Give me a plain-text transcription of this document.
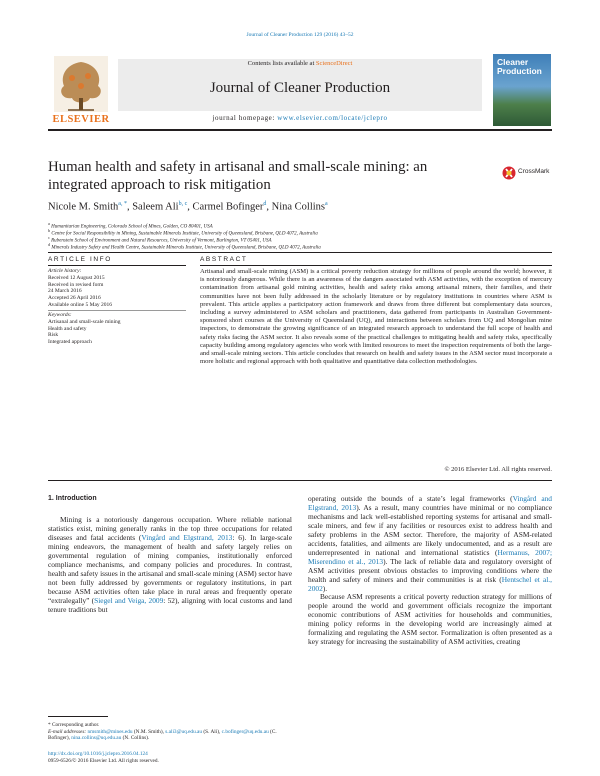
Journal of Cleaner Production 129 (2016) 43–52
Contents lists available at ScienceDirect
Journal of Cleaner Production
journal homepage: www.elsevier.com/locate/jclepro
ELSEVIER
Cleaner Production
Human health and safety in artisanal and small-scale mining: an integrated approach to risk mitigation
CrossMark
Nicole M. Smith$^{a, *}$, Saleem Ali$^{b, c}$, Carmel Bofinger$^d$, Nina Collins$^a$
$^a$ Humanitarian Engineering, Colorado School of Mines, Golden, CO 80401, USA
$^b$ Centre for Social Responsibility in Mining, Sustainable Minerals Institute, University of Queensland, Brisbane, QLD 4072, Australia
$^c$ Rubenstein School of Environment and Natural Resources, University of Vermont, Burlington, VT 05401, USA
$^d$ Minerals Industry Safety and Health Centre, Sustainable Minerals Institute, University of Queensland, Brisbane, QLD 4072, Australia
ARTICLE INFO
Article history:
Received 12 August 2015
Received in revised form
24 March 2016
Accepted 26 April 2016
Available online 5 May 2016
Keywords:
Artisanal and small-scale mining
Health and safety
Risk
Integrated approach
ABSTRACT
Artisanal and small-scale mining (ASM) is a critical poverty reduction strategy for millions of people around the world; however, it is notoriously dangerous. While there is an awareness of the dangers associated with ASM activities, with the exception of mercury contamination from artisanal gold mining activities, health and safety risks among artisanal miners, their families, and their communities have not been fully addressed in the scholarly literature or by regulatory institutions in countries where ASM is prevalent. This article applies a participatory action framework and draws from three different but complementary data sources, including a survey administered to ASM scholars and practitioners, data gathered from participants in Australian Government-sponsored short courses at the University of Queensland (UQ), and interactions between scholars from UQ and Mongolian mine inspectors, to demonstrate the growing significance of an integrated research approach to understand the full scope of health and safety risks facing the ASM sector. It also reveals some of the practical challenges to mitigating health and safety risks, specifically capacity building among regulatory agencies who work with limited resources to meet the inspection requirements of both the large- and small-scale mining sectors. This article concludes that research on health and safety issues in the ASM sector must incorporate a more holistic and regional approach with both qualitative and quantitative data collection methodologies.
© 2016 Elsevier Ltd. All rights reserved.
1. Introduction

Mining is a notoriously dangerous occupation. Where reliable national statistics exist, mining generally ranks in the top three occupations for related diseases and fatal accidents (Vingård and Elgstrand, 2013: 6). In large-scale mining endeavors, the management of health and safety largely relies on governmental regulation of mining companies, institutionally enforced compliance mechanisms, and company policies and procedures. In contrast, health and safety issues in the artisanal and small-scale mining (ASM) sector have not been fully addressed by governments or regulatory institutions, in part because ASM activities often take place in rural areas and frequently operate “extralegally” (Siegel and Veiga, 2009: 52), aligning with local customs and land tenure traditions but

operating outside the bounds of a state’s legal frameworks (Vingård and Elgstrand, 2013). As a result, many countries have minimal or no compliance mechanisms and lack well-established reporting systems for artisanal and small-scale miners, and few if any facilities or resources exist to address health and safety problems in the ASM sector. Therefore, the majority of ASM-related accidents, fatalities, and ailments are likely undocumented, and as a result are underrepresented in national and international statistics (Hermanus, 2007; Miserendino et al., 2013). The lack of reliable data and regulatory oversight of ASM activities present obvious obstacles to improving conditions where the health and safety of miners and their communities is at risk (Hentschel et al., 2002).

Because ASM represents a critical poverty reduction strategy for millions of people around the world and government officials recognize the important economic contributions of ASM activities for households and communities, mining policy reforms in the developing world are increasingly aimed at formalizing and regulating the ASM sector. Formalization is often presented as a key strategy for increasing the sustainability of ASM activities, creating

* Corresponding author.
E-mail addresses: nmsmith@mines.edu (N.M. Smith), s.ali3@uq.edu.au (S. Ali), c.bofinger@uq.edu.au (C. Bofinger), nina.collins@uq.edu.au (N. Collins).
http://dx.doi.org/10.1016/j.jclepro.2016.04.124
0959-6526/© 2016 Elsevier Ltd. All rights reserved.
